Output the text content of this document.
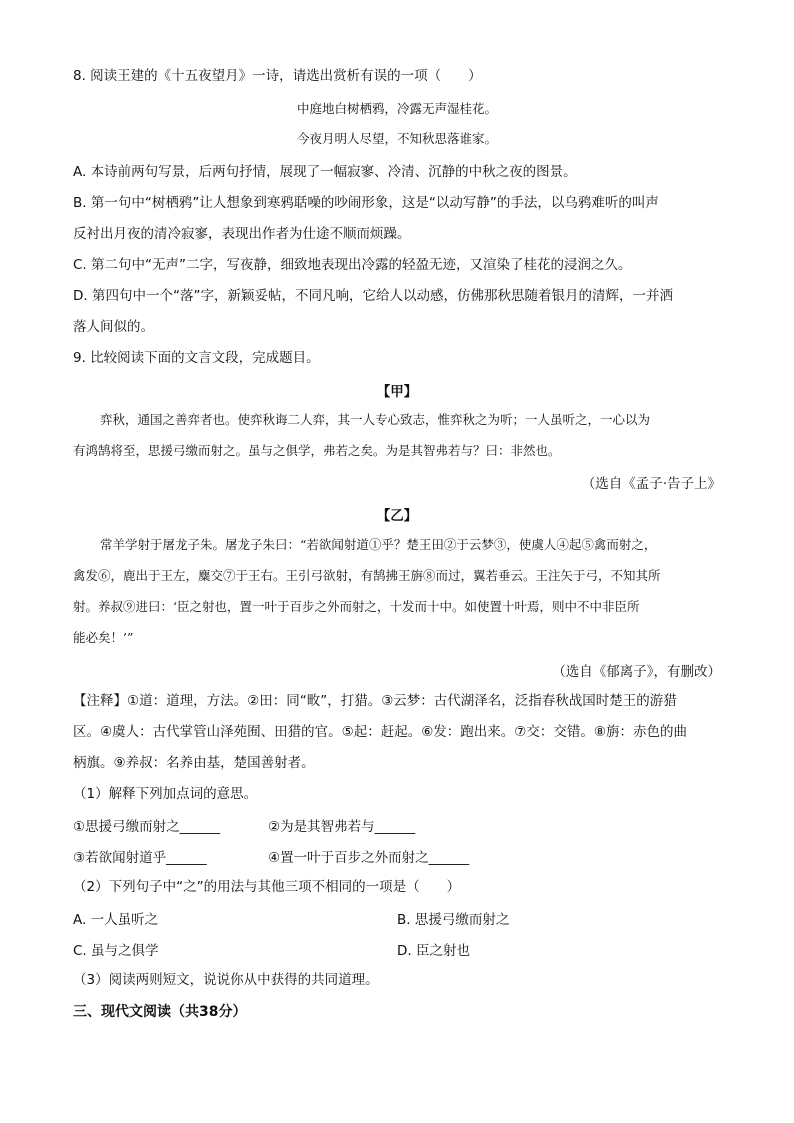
8. 阅读王建的《十五夜望月》一诗，请选出赏析有误的一项（　　）
中庭地白树栖鸦，冷露无声湿桂花。
今夜月明人尽望，不知秋思落谁家。
A. 本诗前两句写景，后两句抒情，展现了一幅寂寥、冷清、沉静的中秋之夜的图景。
B. 第一句中“树栖鸦”让人想象到寒鸦聒噪的吵闹形象，这是“以动写静”的手法，以乌鸦难听的叫声
反衬出月夜的清冷寂寥，表现出作者为仕途不顺而烦躁。
C. 第二句中“无声”二字，写夜静，细致地表现出冷露的轻盈无迹，又渲染了桂花的浸润之久。
D. 第四句中一个“落”字，新颖妥帖，不同凡响，它给人以动感，仿佛那秋思随着银月的清辉，一并洒
落人间似的。
9. 比较阅读下面的文言文段，完成题目。
【甲】
弈秋，通国之善弈者也。使弈秋诲二人弈，其一人专心致志，惟弈秋之为听；一人虽听之，一心以为
有鸿鹄将至，思援弓缴而射之。虽与之俱学，弗若之矣。为是其智弗若与？曰：非然也。
（选自《孟子·告子上》
【乙】
常羊学射于屠龙子朱。屠龙子朱曰：“若欲闻射道①乎？楚王田②于云梦③，使虞人④起⑤禽而射之，
禽发⑥，鹿出于王左，麋交⑦于王右。王引弓欲射，有鹄拂王旃⑧而过，翼若垂云。王注矢于弓，不知其所
射。养叔⑨进曰：‘臣之射也，置一叶于百步之外而射之，十发而十中。如使置十叶焉，则中不中非臣所
能必矣！’”
（选自《郁离子》，有删改）
【注释】①道：道理，方法。②田：同“畋”，打猎。③云梦：古代湖泽名，泛指春秋战国时楚王的游猎
区。④虞人：古代掌管山泽苑囿、田猎的官。⑤起：赶起。⑥发：跑出来。⑦交：交错。⑧旃：赤色的曲
柄旗。⑨养叔：名养由基，楚国善射者。
（1）解释下列加点词的意思。
①思援弓缴而射之______	②为是其智弗若与______
③若欲闻射道乎______	④置一叶于百步之外而射之______
（2）下列句子中“之”的用法与其他三项不相同的一项是（　　）
A. 一人虽听之	B. 思援弓缴而射之
C. 虽与之俱学	D. 臣之射也
（3）阅读两则短文，说说你从中获得的共同道理。
三、现代文阅读（共38分）
